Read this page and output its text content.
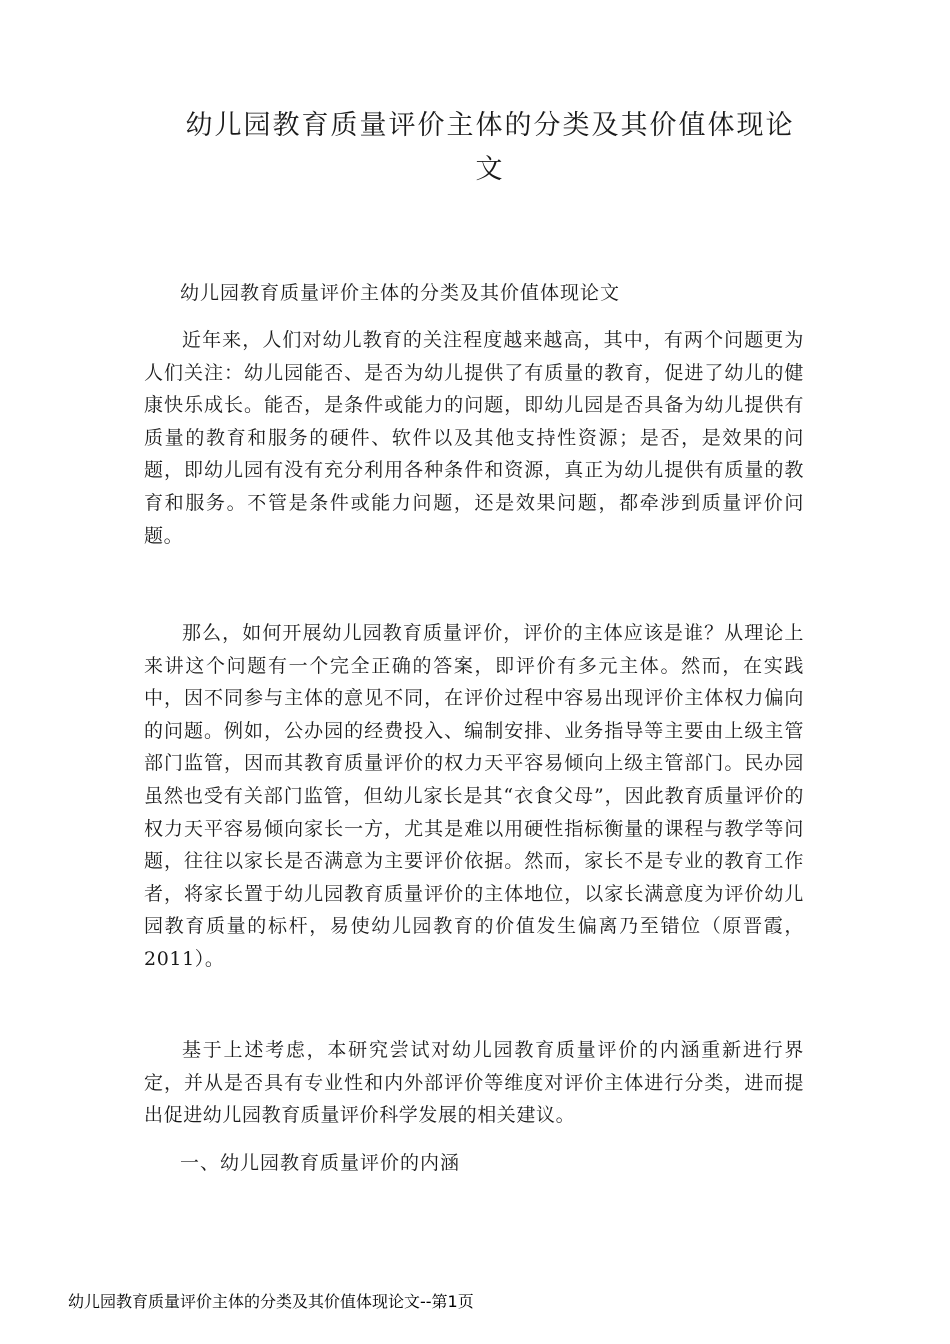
幼儿园教育质量评价主体的分类及其价值体现论文

幼儿园教育质量评价主体的分类及其价值体现论文

近年来，人们对幼儿教育的关注程度越来越高，其中，有两个问题更为人们关注：幼儿园能否、是否为幼儿提供了有质量的教育，促进了幼儿的健康快乐成长。能否，是条件或能力的问题，即幼儿园是否具备为幼儿提供有质量的教育和服务的硬件、软件以及其他支持性资源；是否，是效果的问题，即幼儿园有没有充分利用各种条件和资源，真正为幼儿提供有质量的教育和服务。不管是条件或能力问题，还是效果问题，都牵涉到质量评价问题。

那么，如何开展幼儿园教育质量评价，评价的主体应该是谁？从理论上来讲这个问题有一个完全正确的答案，即评价有多元主体。然而，在实践中，因不同参与主体的意见不同，在评价过程中容易出现评价主体权力偏向的问题。例如，公办园的经费投入、编制安排、业务指导等主要由上级主管部门监管，因而其教育质量评价的权力天平容易倾向上级主管部门。民办园虽然也受有关部门监管，但幼儿家长是其“衣食父母”，因此教育质量评价的权力天平容易倾向家长一方，尤其是难以用硬性指标衡量的课程与教学等问题，往往以家长是否满意为主要评价依据。然而，家长不是专业的教育工作者，将家长置于幼儿园教育质量评价的主体地位，以家长满意度为评价幼儿园教育质量的标杆，易使幼儿园教育的价值发生偏离乃至错位（原晋霞，2011）。

基于上述考虑，本研究尝试对幼儿园教育质量评价的内涵重新进行界定，并从是否具有专业性和内外部评价等维度对评价主体进行分类，进而提出促进幼儿园教育质量评价科学发展的相关建议。

一、幼儿园教育质量评价的内涵

幼儿园教育质量评价主体的分类及其价值体现论文--第1页
